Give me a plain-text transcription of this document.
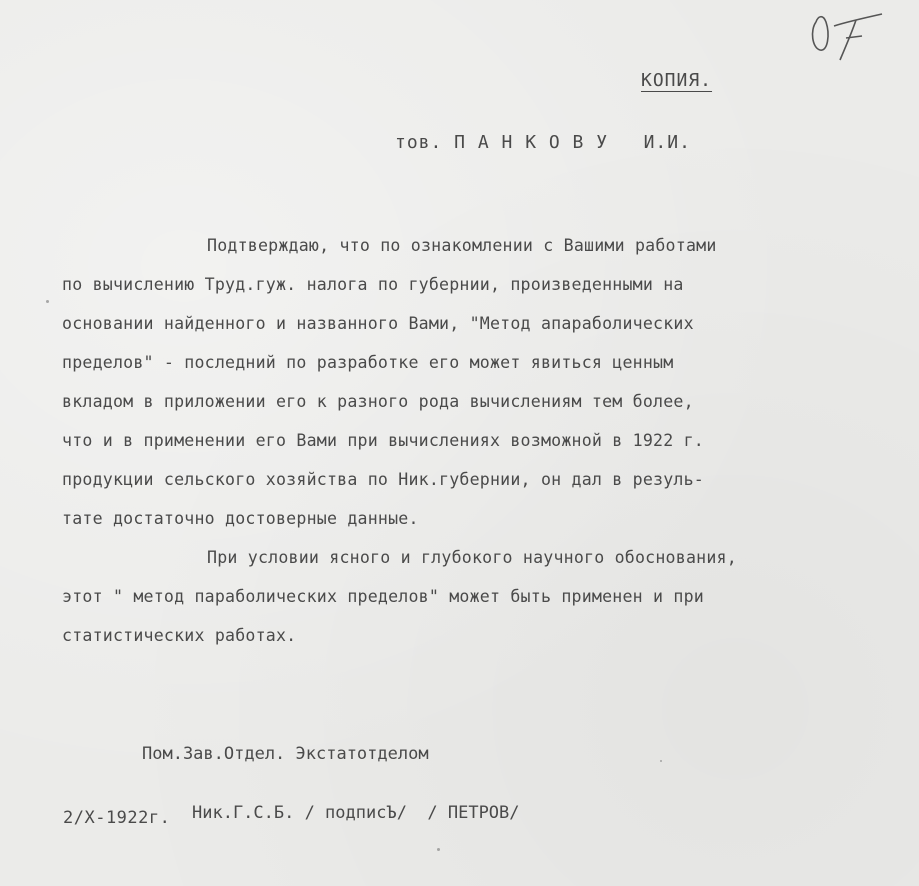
КОПИЯ.
тов. П А Н К О В У   И.И.
Подтверждаю, что по ознакомлении с Вашими работами
по вычислению Труд.гуж. налога по губернии, произведенными на
основании найденного и названного Вами, "Метод апараболических
пределов" - последний по разработке его может явиться ценным
вкладом в приложении его к разного рода вычислениям тем более,
что и в применении его Вами при вычислениях возможной в 1922 г.
продукции сельского хозяйства по Ник.губернии, он дал в резуль-
тате достаточно достоверные данные.
При условии ясного и глубокого научного обоснования,
этот " метод параболических пределов" может быть применен и при
статистических работах.

Пом.Зав.Отдел. Экстатотделом

Ник.Г.С.Б. / подписЪ/  / ПЕТРОВ/

2/Х-1922г.
